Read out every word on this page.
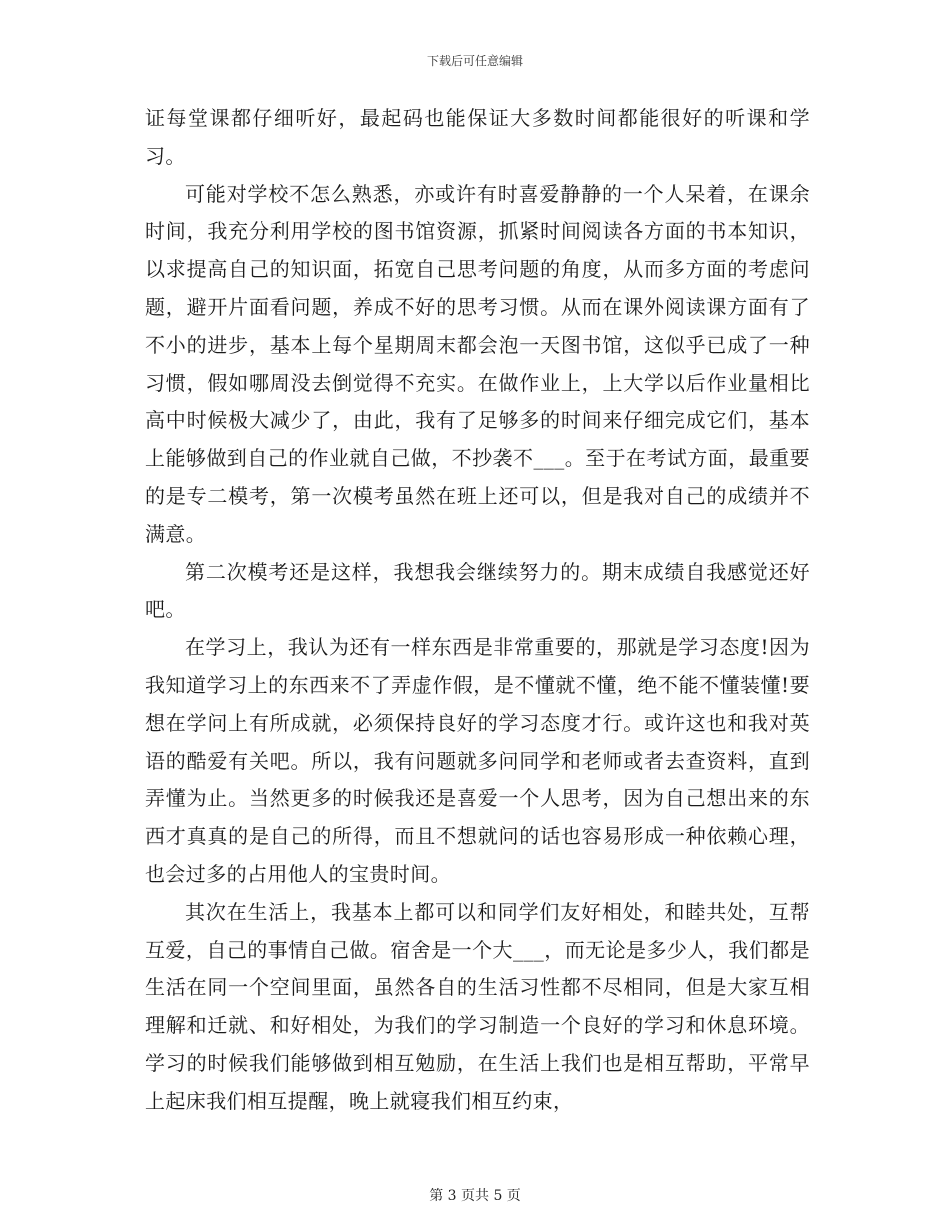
下载后可任意编辑

证每堂课都仔细听好，最起码也能保证大多数时间都能很好的听课和学习。

可能对学校不怎么熟悉，亦或许有时喜爱静静的一个人呆着，在课余时间，我充分利用学校的图书馆资源，抓紧时间阅读各方面的书本知识，以求提高自己的知识面，拓宽自己思考问题的角度，从而多方面的考虑问题，避开片面看问题，养成不好的思考习惯。从而在课外阅读课方面有了不小的进步，基本上每个星期周末都会泡一天图书馆，这似乎已成了一种习惯，假如哪周没去倒觉得不充实。在做作业上，上大学以后作业量相比高中时候极大减少了，由此，我有了足够多的时间来仔细完成它们，基本上能够做到自己的作业就自己做，不抄袭不___。至于在考试方面，最重要的是专二模考，第一次模考虽然在班上还可以，但是我对自己的成绩并不满意。

第二次模考还是这样，我想我会继续努力的。期末成绩自我感觉还好吧。

在学习上，我认为还有一样东西是非常重要的，那就是学习态度!因为我知道学习上的东西来不了弄虚作假，是不懂就不懂，绝不能不懂装懂!要想在学问上有所成就，必须保持良好的学习态度才行。或许这也和我对英语的酷爱有关吧。所以，我有问题就多问同学和老师或者去查资料，直到弄懂为止。当然更多的时候我还是喜爱一个人思考，因为自己想出来的东西才真真的是自己的所得，而且不想就问的话也容易形成一种依赖心理，也会过多的占用他人的宝贵时间。

其次在生活上，我基本上都可以和同学们友好相处，和睦共处，互帮互爱，自己的事情自己做。宿舍是一个大___，而无论是多少人，我们都是生活在同一个空间里面，虽然各自的生活习性都不尽相同，但是大家互相理解和迁就、和好相处，为我们的学习制造一个良好的学习和休息环境。学习的时候我们能够做到相互勉励，在生活上我们也是相互帮助，平常早上起床我们相互提醒，晚上就寝我们相互约束，

第 3 页共 5 页
